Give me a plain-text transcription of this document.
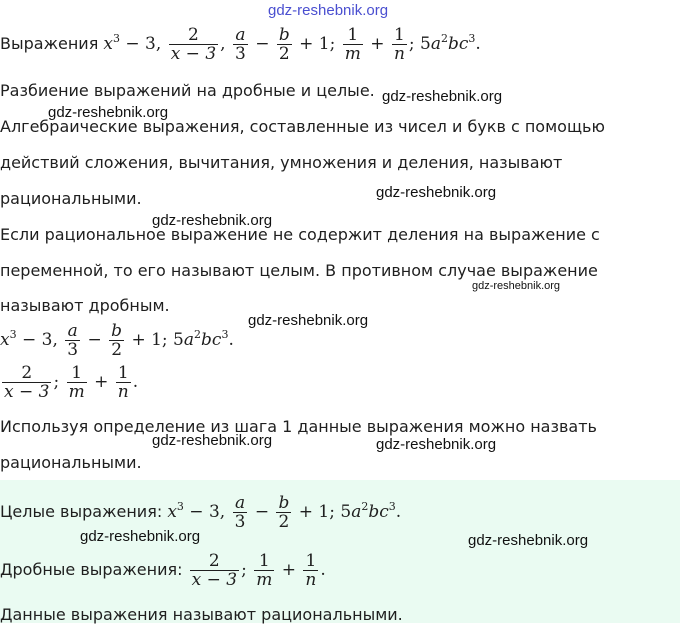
gdz-reshebnik.org
gdz-reshebnik.org
gdz-reshebnik.org
gdz-reshebnik.org
gdz-reshebnik.org
gdz-reshebnik.org
gdz-reshebnik.org
gdz-reshebnik.org	gdz-reshebnik.org
Выражения $x^3 - 3$, $\frac{2}{x - 3}$ , $\frac{a}{3} - \frac{b}{2} + 1$; $\frac{1}{m} + \frac{1}{n}$ ; $5a^2bc^3$.
Разбиение выражений на дробные и целые.
Алгебраические выражения, составленные из чисел и букв с помощью
действий сложения, вычитания, умножения и деления, называют
рациональными.
Если рациональное выражение не содержит деления на выражение с
переменной, то его называют целым. В противном случае выражение
называют дробным.
$x^3 - 3$, $\frac{a}{3} - \frac{b}{2} + 1$; $5a^2bc^3$.
$\frac{2}{x - 3}$ ; $\frac{1}{m} + \frac{1}{n}$ .
Используя определение из шага 1 данные выражения можно назвать
рациональными.
Целые выражения: $x^3 - 3$, $\frac{a}{3} - \frac{b}{2} + 1$; $5a^2bc^3$.
gdz-reshebnik.org	gdz-reshebnik.org
Дробные выражения: $\frac{2}{x - 3}$ ; $\frac{1}{m} + \frac{1}{n}$ .
Данные выражения называют рациональными.
